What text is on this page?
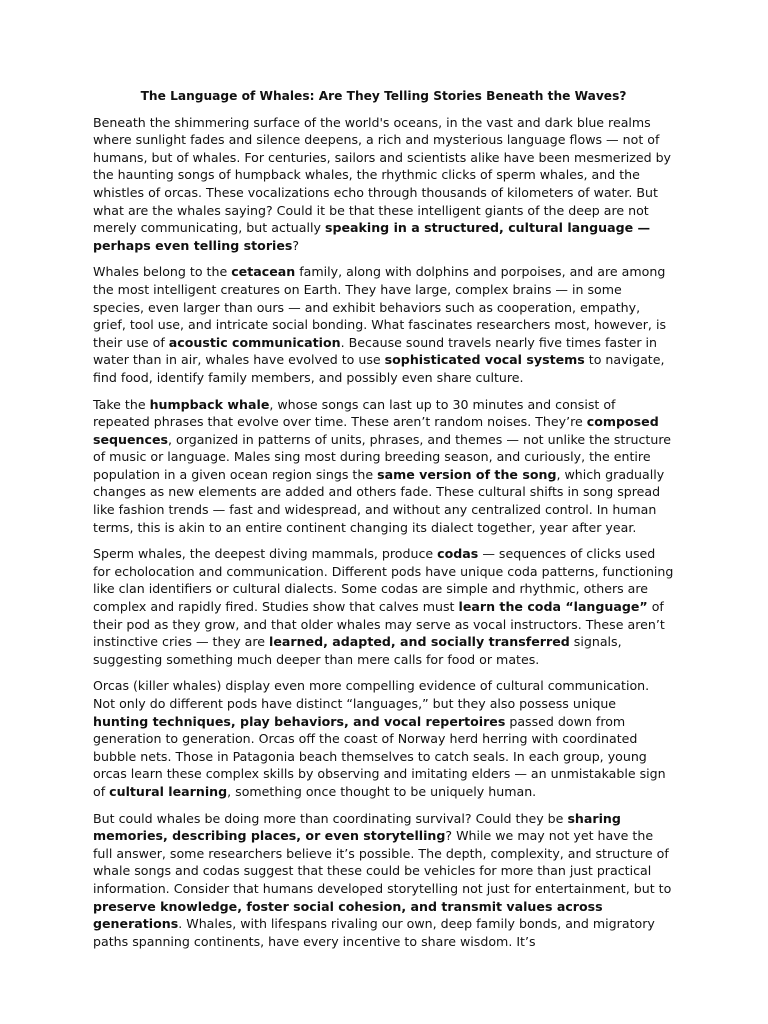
The Language of Whales: Are They Telling Stories Beneath the Waves?

Beneath the shimmering surface of the world's oceans, in the vast and dark blue realms where sunlight fades and silence deepens, a rich and mysterious language flows — not of humans, but of whales. For centuries, sailors and scientists alike have been mesmerized by the haunting songs of humpback whales, the rhythmic clicks of sperm whales, and the whistles of orcas. These vocalizations echo through thousands of kilometers of water. But what are the whales saying? Could it be that these intelligent giants of the deep are not merely communicating, but actually speaking in a structured, cultural language — perhaps even telling stories?

Whales belong to the cetacean family, along with dolphins and porpoises, and are among the most intelligent creatures on Earth. They have large, complex brains — in some species, even larger than ours — and exhibit behaviors such as cooperation, empathy, grief, tool use, and intricate social bonding. What fascinates researchers most, however, is their use of acoustic communication. Because sound travels nearly five times faster in water than in air, whales have evolved to use sophisticated vocal systems to navigate, find food, identify family members, and possibly even share culture.

Take the humpback whale, whose songs can last up to 30 minutes and consist of repeated phrases that evolve over time. These aren’t random noises. They’re composed sequences, organized in patterns of units, phrases, and themes — not unlike the structure of music or language. Males sing most during breeding season, and curiously, the entire population in a given ocean region sings the same version of the song, which gradually changes as new elements are added and others fade. These cultural shifts in song spread like fashion trends — fast and widespread, and without any centralized control. In human terms, this is akin to an entire continent changing its dialect together, year after year.

Sperm whales, the deepest diving mammals, produce codas — sequences of clicks used for echolocation and communication. Different pods have unique coda patterns, functioning like clan identifiers or cultural dialects. Some codas are simple and rhythmic, others are complex and rapidly fired. Studies show that calves must learn the coda “language” of their pod as they grow, and that older whales may serve as vocal instructors. These aren’t instinctive cries — they are learned, adapted, and socially transferred signals, suggesting something much deeper than mere calls for food or mates.

Orcas (killer whales) display even more compelling evidence of cultural communication. Not only do different pods have distinct “languages,” but they also possess unique hunting techniques, play behaviors, and vocal repertoires passed down from generation to generation. Orcas off the coast of Norway herd herring with coordinated bubble nets. Those in Patagonia beach themselves to catch seals. In each group, young orcas learn these complex skills by observing and imitating elders — an unmistakable sign of cultural learning, something once thought to be uniquely human.

But could whales be doing more than coordinating survival? Could they be sharing memories, describing places, or even storytelling? While we may not yet have the full answer, some researchers believe it’s possible. The depth, complexity, and structure of whale songs and codas suggest that these could be vehicles for more than just practical information. Consider that humans developed storytelling not just for entertainment, but to preserve knowledge, foster social cohesion, and transmit values across generations. Whales, with lifespans rivaling our own, deep family bonds, and migratory paths spanning continents, have every incentive to share wisdom. It’s
